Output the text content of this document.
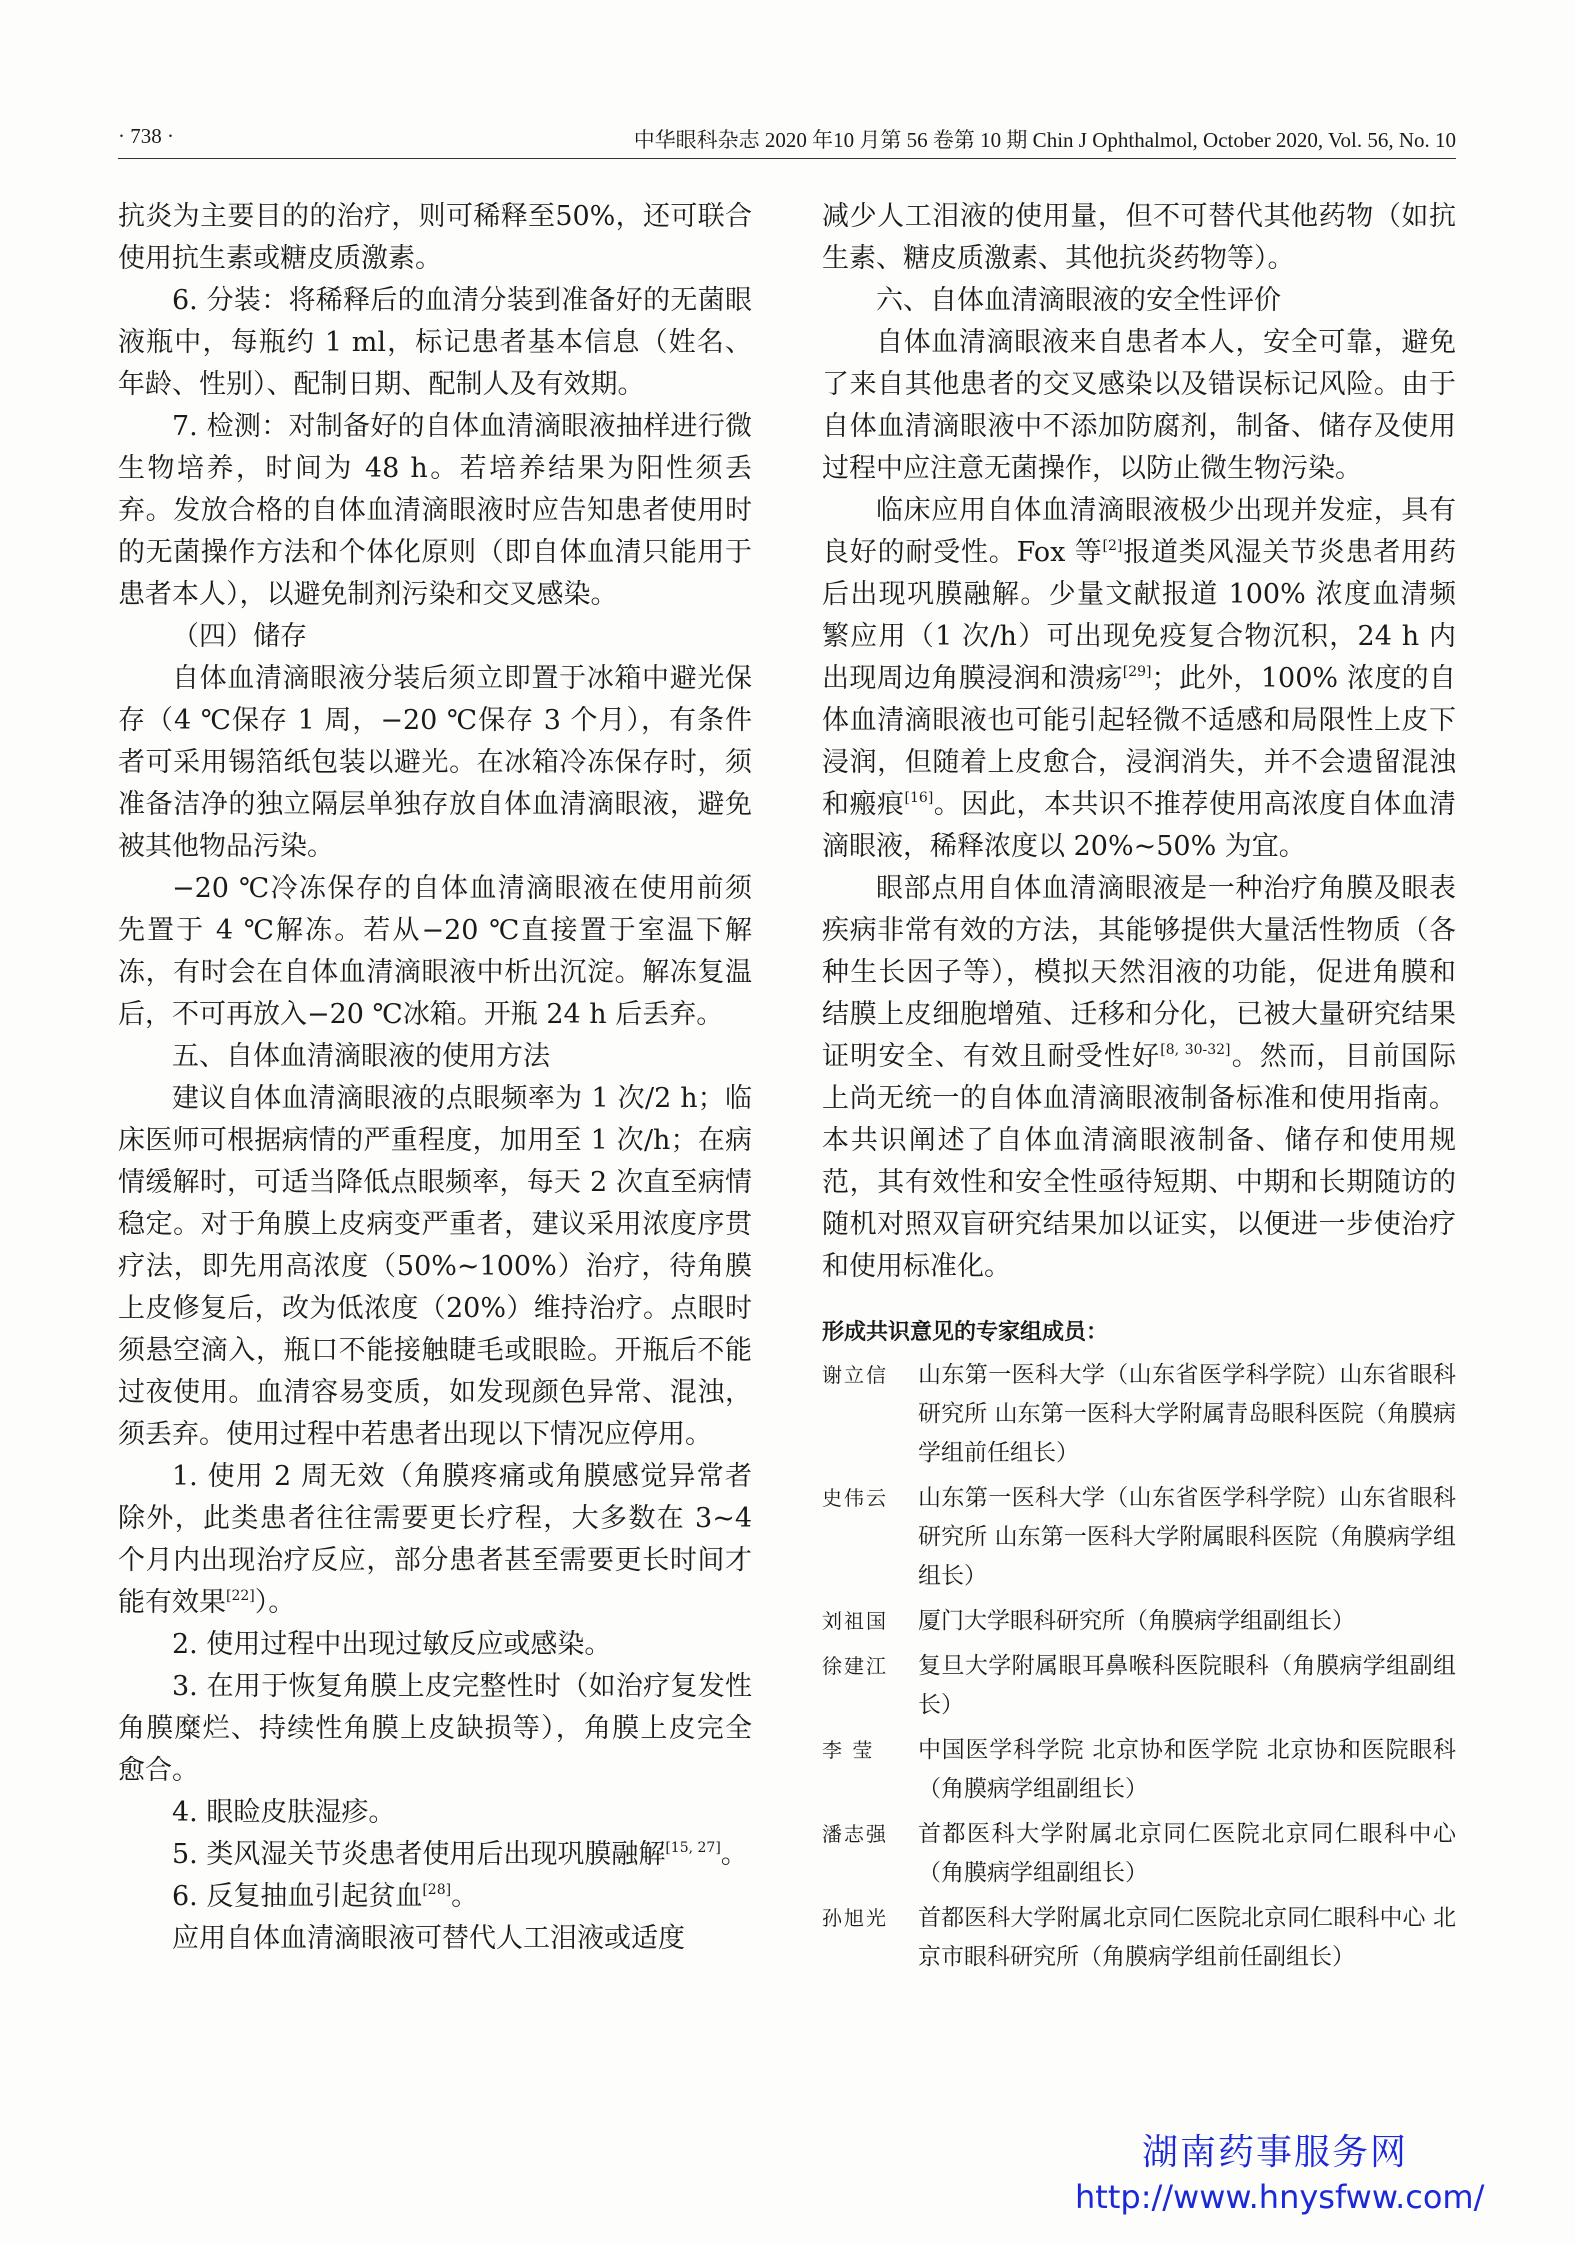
· 738 ·	中华眼科杂志 2020 年10 月第 56 卷第 10 期 Chin J Ophthalmol, October 2020, Vol. 56, No. 10

抗炎为主要目的的治疗，则可稀释至50%，还可联合使用抗生素或糖皮质激素。

6. 分装：将稀释后的血清分装到准备好的无菌眼液瓶中，每瓶约 1 ml，标记患者基本信息（姓名、年龄、性别）、配制日期、配制人及有效期。

7. 检测：对制备好的自体血清滴眼液抽样进行微生物培养，时间为 48 h。若培养结果为阳性须丢弃。发放合格的自体血清滴眼液时应告知患者使用时的无菌操作方法和个体化原则（即自体血清只能用于患者本人），以避免制剂污染和交叉感染。

（四）储存

自体血清滴眼液分装后须立即置于冰箱中避光保存（4 ℃保存 1 周，−20 ℃保存 3 个月），有条件者可采用锡箔纸包装以避光。在冰箱冷冻保存时，须准备洁净的独立隔层单独存放自体血清滴眼液，避免被其他物品污染。

−20 ℃冷冻保存的自体血清滴眼液在使用前须先置于 4 ℃解冻。若从−20 ℃直接置于室温下解冻，有时会在自体血清滴眼液中析出沉淀。解冻复温后，不可再放入−20 ℃冰箱。开瓶 24 h 后丢弃。

五、自体血清滴眼液的使用方法

建议自体血清滴眼液的点眼频率为 1 次/2 h；临床医师可根据病情的严重程度，加用至 1 次/h；在病情缓解时，可适当降低点眼频率，每天 2 次直至病情稳定。对于角膜上皮病变严重者，建议采用浓度序贯疗法，即先用高浓度（50%~100%）治疗，待角膜上皮修复后，改为低浓度（20%）维持治疗。点眼时须悬空滴入，瓶口不能接触睫毛或眼睑。开瓶后不能过夜使用。血清容易变质，如发现颜色异常、混浊，须丢弃。使用过程中若患者出现以下情况应停用。

1. 使用 2 周无效（角膜疼痛或角膜感觉异常者除外，此类患者往往需要更长疗程，大多数在 3~4 个月内出现治疗反应，部分患者甚至需要更长时间才能有效果[22]）。

2. 使用过程中出现过敏反应或感染。

3. 在用于恢复角膜上皮完整性时（如治疗复发性角膜糜烂、持续性角膜上皮缺损等），角膜上皮完全愈合。

4. 眼睑皮肤湿疹。

5. 类风湿关节炎患者使用后出现巩膜融解[15, 27]。

6. 反复抽血引起贫血[28]。

应用自体血清滴眼液可替代人工泪液或适度

减少人工泪液的使用量，但不可替代其他药物（如抗生素、糖皮质激素、其他抗炎药物等）。

六、自体血清滴眼液的安全性评价

自体血清滴眼液来自患者本人，安全可靠，避免了来自其他患者的交叉感染以及错误标记风险。由于自体血清滴眼液中不添加防腐剂，制备、储存及使用过程中应注意无菌操作，以防止微生物污染。

临床应用自体血清滴眼液极少出现并发症，具有良好的耐受性。Fox 等[2]报道类风湿关节炎患者用药后出现巩膜融解。少量文献报道 100% 浓度血清频繁应用（1 次/h）可出现免疫复合物沉积，24 h 内出现周边角膜浸润和溃疡[29]；此外，100% 浓度的自体血清滴眼液也可能引起轻微不适感和局限性上皮下浸润，但随着上皮愈合，浸润消失，并不会遗留混浊和瘢痕[16]。因此，本共识不推荐使用高浓度自体血清滴眼液，稀释浓度以 20%~50% 为宜。

眼部点用自体血清滴眼液是一种治疗角膜及眼表疾病非常有效的方法，其能够提供大量活性物质（各种生长因子等），模拟天然泪液的功能，促进角膜和结膜上皮细胞增殖、迁移和分化，已被大量研究结果证明安全、有效且耐受性好[8, 30-32]。然而，目前国际上尚无统一的自体血清滴眼液制备标准和使用指南。本共识阐述了自体血清滴眼液制备、储存和使用规范，其有效性和安全性亟待短期、中期和长期随访的随机对照双盲研究结果加以证实，以便进一步使治疗和使用标准化。

形成共识意见的专家组成员：
谢立信	山东第一医科大学（山东省医学科学院）山东省眼科研究所 山东第一医科大学附属青岛眼科医院（角膜病学组前任组长）
史伟云	山东第一医科大学（山东省医学科学院）山东省眼科研究所 山东第一医科大学附属眼科医院（角膜病学组组长）
刘祖国	厦门大学眼科研究所（角膜病学组副组长）
徐建江	复旦大学附属眼耳鼻喉科医院眼科（角膜病学组副组长）
李 莹	中国医学科学院 北京协和医学院 北京协和医院眼科（角膜病学组副组长）
潘志强	首都医科大学附属北京同仁医院北京同仁眼科中心（角膜病学组副组长）
孙旭光	首都医科大学附属北京同仁医院北京同仁眼科中心 北京市眼科研究所（角膜病学组前任副组长）
湖南药事服务网
http://www.hnysfww.com/
